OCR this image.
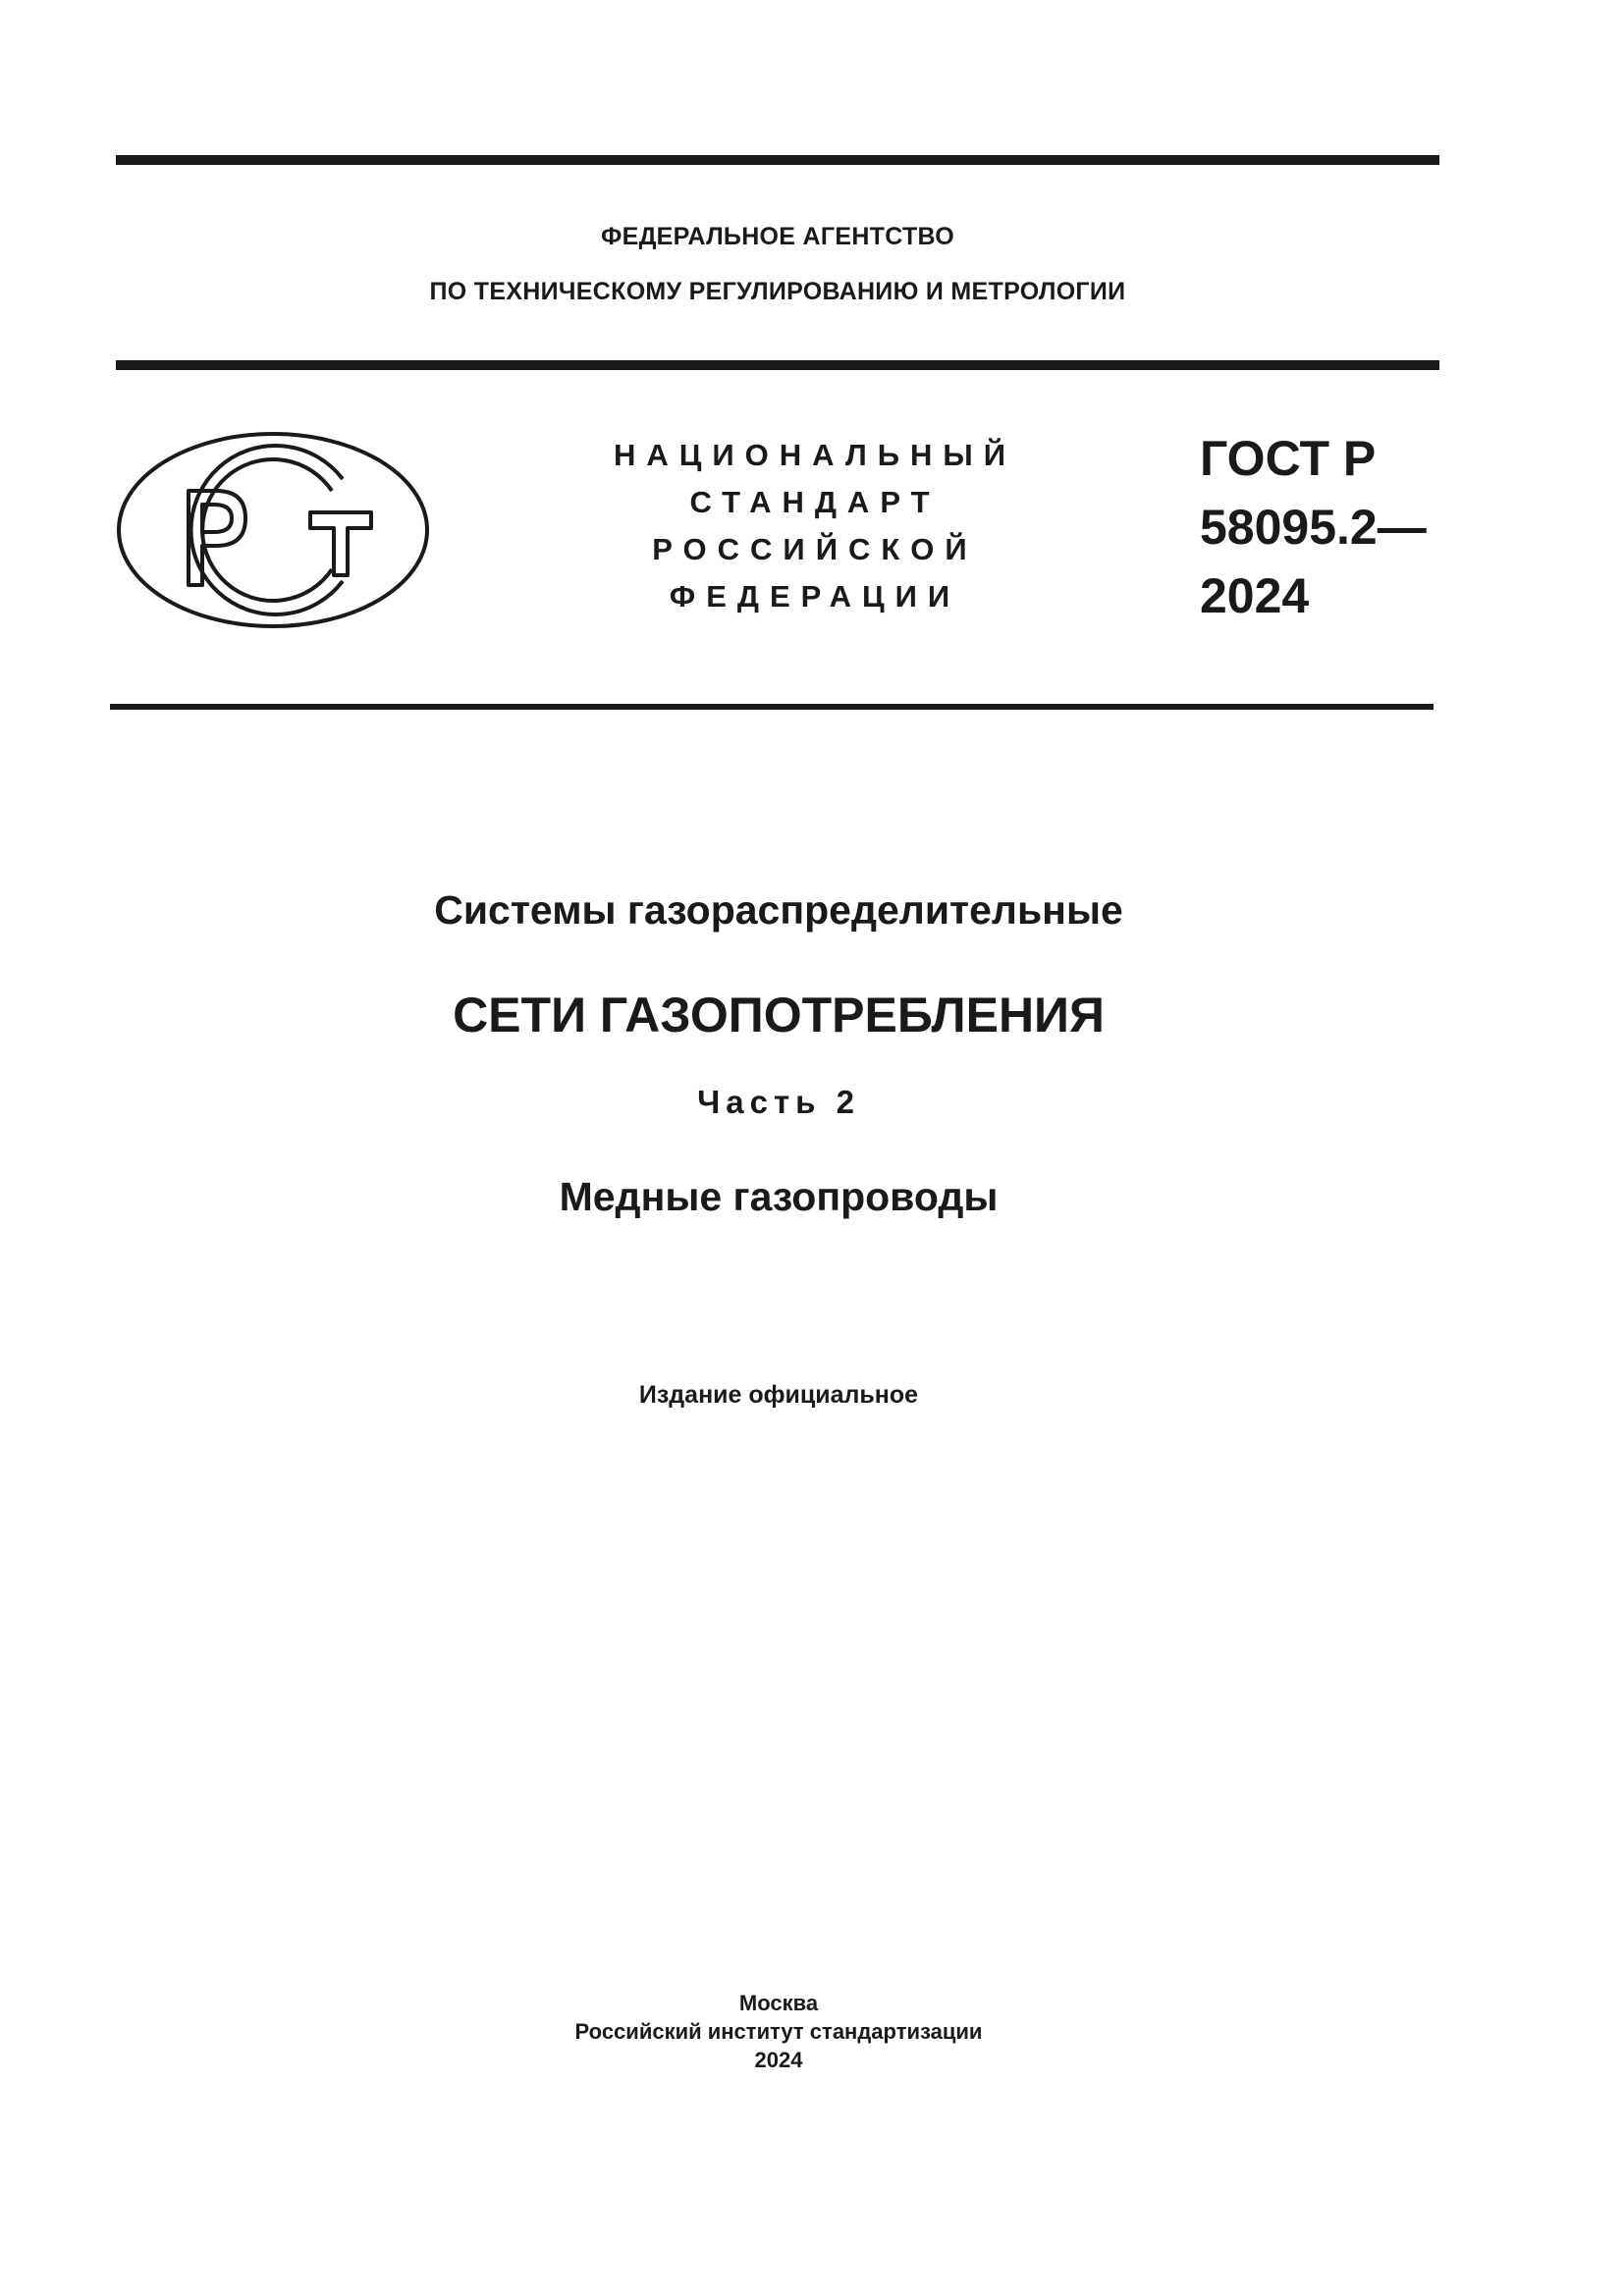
ФЕДЕРАЛЬНОЕ АГЕНТСТВО
ПО ТЕХНИЧЕСКОМУ РЕГУЛИРОВАНИЮ И МЕТРОЛОГИИ
НАЦИОНАЛЬНЫЙ
СТАНДАРТ
РОССИЙСКОЙ
ФЕДЕРАЦИИ
ГОСТ Р
58095.2—
2024
Системы газораспределительные
СЕТИ ГАЗОПОТРЕБЛЕНИЯ
Часть 2
Медные газопроводы
Издание официальное
Москва
Российский институт стандартизации
2024
